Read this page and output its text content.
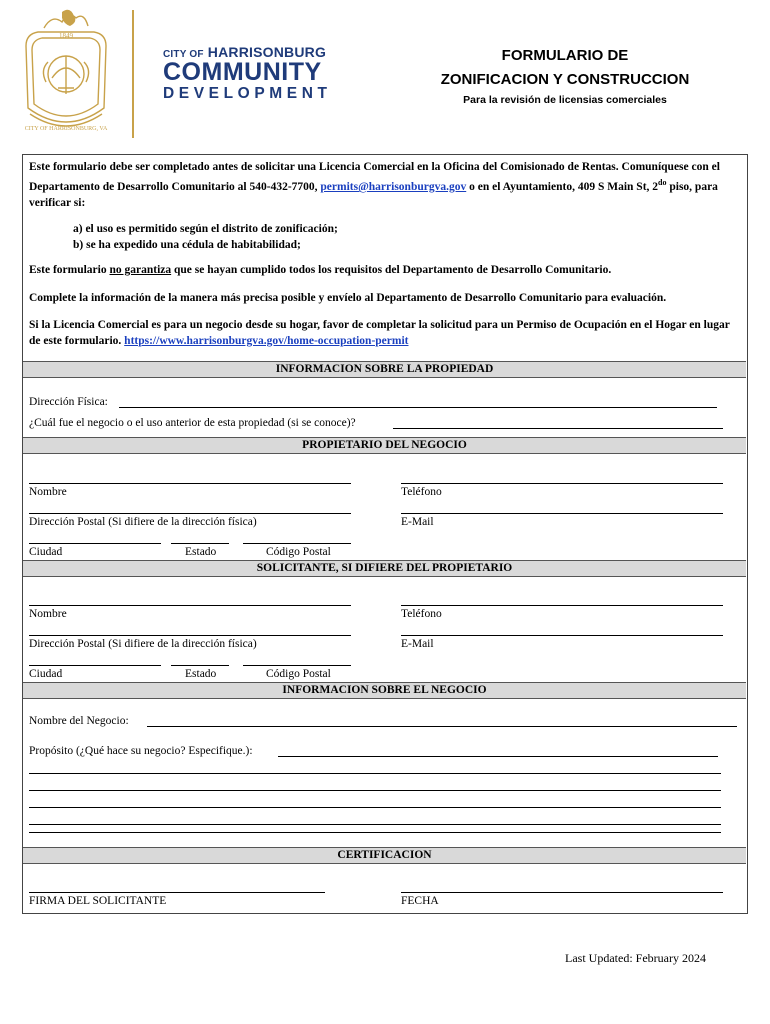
1849
CITY OF HARRISONBURG, VA
CITY OF HARRISONBURG
COMMUNITY
DEVELOPMENT
FORMULARIO DE
ZONIFICACION Y CONSTRUCCION
Para la revisión de licensias comerciales

Este formulario debe ser completado antes de solicitar una Licencia Comercial en la Oficina del Comisionado de Rentas. Comuníquese con el Departamento de Desarrollo Comunitario al 540-432-7700, permits@harrisonburgva.gov o en el Ayuntamiento, 409 S Main St, $2^{do}$ piso, para verificar si:

a) el uso es permitido según el distrito de zonificación;

b) se ha expedido una cédula de habitabilidad;

Este formulario no garantiza que se hayan cumplido todos los requisitos del Departamento de Desarrollo Comunitario.

Complete la información de la manera más precisa posible y envíelo al Departamento de Desarrollo Comunitario para evaluación.

Si la Licencia Comercial es para un negocio desde su hogar, favor de completar la solicitud para un Permiso de Ocupación en el Hogar en lugar de este formulario. https://www.harrisonburgva.gov/home-occupation-permit

INFORMACION SOBRE LA PROPIEDAD
Dirección Física:
¿Cuál fue el negocio o el uso anterior de esta propiedad (si se conoce)?
PROPIETARIO DEL NEGOCIO
Nombre	Teléfono
Dirección Postal (Si difiere de la dirección física)	E-Mail
Ciudad	Estado	Código Postal
SOLICITANTE, SI DIFIERE DEL PROPIETARIO
Nombre	Teléfono
Dirección Postal (Si difiere de la dirección física)	E-Mail
Ciudad	Estado	Código Postal
INFORMACION SOBRE EL NEGOCIO
Nombre del Negocio:
Propósito (¿Qué hace su negocio? Especifique.):
CERTIFICACION
FIRMA DEL SOLICITANTE	FECHA
Last Updated: February 2024
